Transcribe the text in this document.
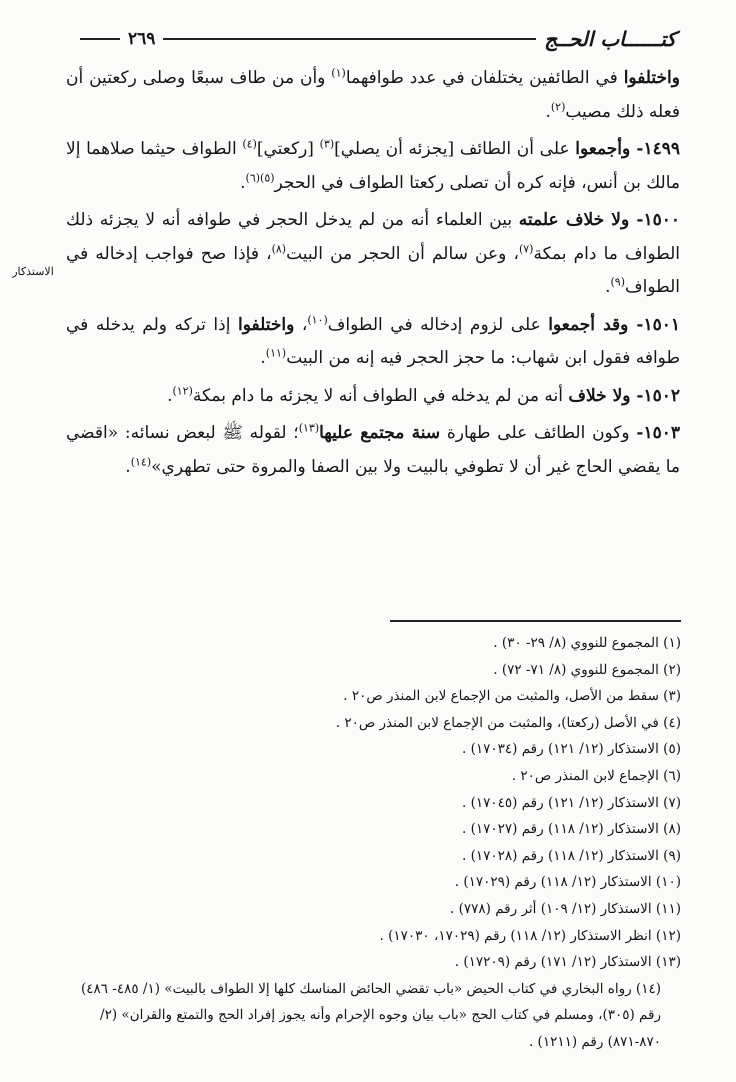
كتــــــاب الحــج
٢٦٩
الاستذكار

واختلفوا في الطائفين يختلفان في عدد طوافهما$^{(١)}$ وأن من طاف سبعًا وصلى ركعتين أن فعله ذلك مصيب$^{(٢)}$.

١٤٩٩- وأجمعوا على أن الطائف [يجزئه أن يصلي]$^{(٣)}$ [ركعتي]$^{(٤)}$ الطواف حيثما صلاهما إلا مالك بن أنس، فإنه كره أن تصلى ركعتا الطواف في الحجر$^{(٥)(٦)}$.

١٥٠٠- ولا خلاف علمته بين العلماء أنه من لم يدخل الحجر في طوافه أنه لا يجزئه ذلك الطواف ما دام بمكة$^{(٧)}$، وعن سالم أن الحجر من البيت$^{(٨)}$، فإذا صح فواجب إدخاله في الطواف$^{(٩)}$.

١٥٠١- وقد أجمعوا على لزوم إدخاله في الطواف$^{(١٠)}$، واختلفوا إذا تركه ولم يدخله في طوافه فقول ابن شهاب: ما حجز الحجر فيه إنه من البيت$^{(١١)}$.

١٥٠٢- ولا خلاف أنه من لم يدخله في الطواف أنه لا يجزئه ما دام بمكة$^{(١٢)}$.

١٥٠٣- وكون الطائف على طهارة سنة مجتمع عليها$^{(١٣)}$؛ لقوله ﷺ لبعض نسائه: «اقضي ما يقضي الحاج غير أن لا تطوفي بالبيت ولا بين الصفا والمروة حتى تطهري»$^{(١٤)}$.

(١) المجموع للنووي (٨/ ٢٩- ٣٠) .
(٢) المجموع للنووي (٨/ ٧١- ٧٢) .
(٣) سقط من الأصل، والمثبت من الإجماع لابن المنذر ص٢٠ .
(٤) في الأصل (ركعتا)، والمثبت من الإجماع لابن المنذر ص٢٠ .
(٥) الاستذكار (١٢/ ١٢١) رقم (١٧٠٣٤) .
(٦) الإجماع لابن المنذر ص٢٠ .
(٧) الاستذكار (١٢/ ١٢١) رقم (١٧٠٤٥) .
(٨) الاستذكار (١٢/ ١١٨) رقم (١٧٠٢٧) .
(٩) الاستذكار (١٢/ ١١٨) رقم (١٧٠٢٨) .
(١٠) الاستذكار (١٢/ ١١٨) رقم (١٧٠٢٩) .
(١١) الاستذكار (١٢/ ١٠٩) أثر رقم (٧٧٨) .
(١٢) انظر الاستذكار (١٢/ ١١٨) رقم (١٧٠٢٩، ١٧٠٣٠) .
(١٣) الاستذكار (١٢/ ١٧١) رقم (١٧٢٠٩) .
(١٤) رواه البخاري في كتاب الحيض «باب تقضي الحائض المناسك كلها إلا الطواف بالبيت» (١/ ٤٨٥- ٤٨٦) رقم (٣٠٥)، ومسلم في كتاب الحج «باب بيان وجوه الإحرام وأنه يجوز إفراد الحج والتمتع والقران» (٢/ ٨٧٠-٨٧١) رقم (١٢١١) .
